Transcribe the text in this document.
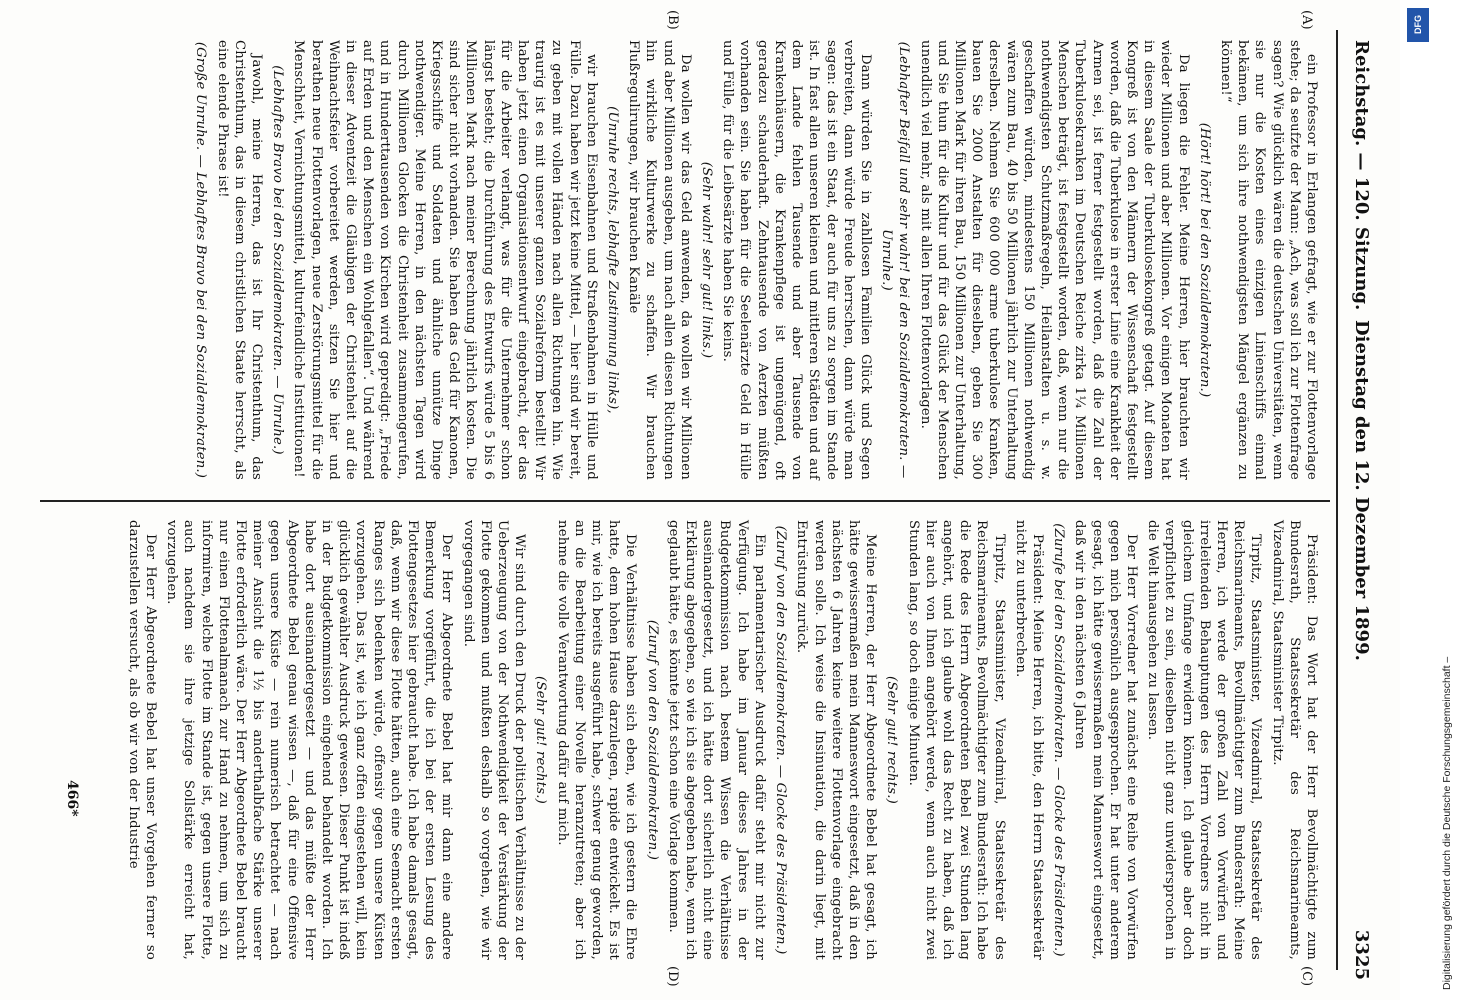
Reichstag. — 120. Sitzung.
Dienstag den 12. Dezember 1899.
3325
(A)
(B)
(C)
(D)

ein Professor in Erlangen gefragt, wie er zur Flottenvorlage stehe; da seufzte der Mann: „Ach, was soll ich zur Flottenfrage sagen? Wie glücklich wären die deutschen Universitäten, wenn sie nur die Kosten eines einzigen Linienschiffs einmal bekämen, um sich ihre nothwendigsten Mängel ergänzen zu können!“

(Hört! hört! bei den Sozialdemokraten.)

Da liegen die Fehler. Meine Herren, hier brauchten wir wieder Millionen und aber Millionen. Vor einigen Monaten hat in diesem Saale der Tuberkulosekongreß getagt. Auf diesem Kongreß ist von den Männern der Wissenschaft festgestellt worden, daß die Tuberkulose in erster Linie eine Krankheit der Armen sei, ist ferner festgestellt worden, daß die Zahl der Tuberkulosekranken im Deutschen Reiche zirka 1¼ Millionen Menschen beträgt, ist festgestellt worden, daß, wenn nur die nothwendigsten Schutzmaßregeln, Heilanstalten u. s. w. geschaffen würden, mindestens 150 Millionen nothwendig wären zum Bau, 40 bis 50 Millionen jährlich zur Unterhaltung derselben. Nehmen Sie 600 000 arme tuberkulose Kranken, bauen Sie 2000 Anstalten für dieselben, geben Sie 300 Millionen Mark für ihren Bau, 150 Millionen zur Unterhaltung, und Sie thun für die Kultur und für das Glück der Menschen unendlich viel mehr, als mit allen Ihren Flottenvorlagen.

(Lebhafter Beifall und sehr wahr! bei den Sozialdemokraten. — Unruhe.)

Dann würden Sie in zahllosen Familien Glück und Segen verbreiten, dann würde Freude herrschen, dann würde man sagen: das ist ein Staat, der auch für uns zu sorgen im Stande ist. In fast allen unseren kleinen und mittleren Städten und auf dem Lande fehlen Tausende und aber Tausende von Krankenhäusern, die Krankenpflege ist ungenügend, oft geradezu schauderhaft. Zehntausende von Aerzten müßten vorhanden sein. Sie haben für die Seelenärzte Geld in Hülle und Fülle, für die Leibesärzte haben Sie keins.

(Sehr wahr! sehr gut! links.)

Da wollen wir das Geld anwenden, da wollen wir Millionen und aber Millionen ausgeben, um nach allen diesen Richtungen hin wirkliche Kulturwerke zu schaffen. Wir brauchen Flußregulirungen, wir brauchen Kanäle

(Unruhe rechts, lebhafte Zustimmung links),

wir brauchen Eisenbahnen und Straßenbahnen in Hülle und Fülle. Dazu haben wir jetzt keine Mittel, — hier sind wir bereit, zu geben mit vollen Händen nach allen Richtungen hin. Wie traurig ist es mit unserer ganzen Sozialreform bestellt! Wir haben jetzt einen Organisationsentwurf eingebracht, der das für die Arbeiter verlangt, was für die Unternehmer schon längst besteht; die Durchführung des Entwurfs würde 5 bis 6 Millionen Mark nach meiner Berechnung jährlich kosten. Die sind sicher nicht vorhanden. Sie haben das Geld für Kanonen, Kriegsschiffe und Soldaten und ähnliche unnütze Dinge nothwendiger. Meine Herren, in den nächsten Tagen wird durch Millionen Glocken die Christenheit zusammengerufen, und in Hunderttausenden von Kirchen wird gepredigt: „Friede auf Erden und den Menschen ein Wohlgefallen“. Und während in dieser Adventzeit die Gläubigen der Christenheit auf die Weihnachtsfeier vorbereitet werden, sitzen Sie hier und berathen neue Flottenvorlagen, neue Zerstörungsmittel für die Menschheit, Vernichtungsmittel, kulturfeindliche Institutionen!

(Lebhaftes Bravo bei den Sozialdemokraten. — Unruhe.)

Jawohl, meine Herren, das ist Ihr Christenthum, das Christenthum, das in diesem christlichen Staate herrscht, als eine elende Phrase ist!

(Große Unruhe. — Lebhaftes Bravo bei den Sozialdemokraten.)

Präsident: Das Wort hat der Herr Bevollmächtigte zum Bundesrath, Staatssekretär des Reichsmarineamts, Vizeadmiral, Staatsminister Tirpitz.

Tirpitz, Staatsminister, Vizeadmiral, Staatssekretär des Reichsmarineamts, Bevollmächtigter zum Bundesrath: Meine Herren, ich werde der großen Zahl von Vorwürfen und irreleitenden Behauptungen des Herrn Vorredners nicht in gleichem Umfange erwidern können. Ich glaube aber doch verpflichtet zu sein, dieselben nicht ganz unwidersprochen in die Welt hinausgehen zu lassen.

Der Herr Vorredner hat zunächst eine Reihe von Vorwürfen gegen mich persönlich ausgesprochen. Er hat unter anderem gesagt, ich hätte gewissermaßen mein Manneswort eingesetzt, daß wir in den nächsten 6 Jahren

(Zurufe bei den Sozialdemokraten. — Glocke des Präsidenten.)

Präsident: Meine Herren, ich bitte, den Herrn Staatssekretär nicht zu unterbrechen.

Tirpitz, Staatsminister, Vizeadmiral, Staatssekretär des Reichsmarineamts, Bevollmächtigter zum Bundesrath: Ich habe die Rede des Herrn Abgeordneten Bebel zwei Stunden lang angehört, und ich glaube wohl das Recht zu haben, daß ich hier auch von Ihnen angehört werde, wenn auch nicht zwei Stunden lang, so doch einige Minuten.

(Sehr gut! rechts.)

Meine Herren, der Herr Abgeordnete Bebel hat gesagt, ich hätte gewissermaßen mein Manneswort eingesetzt, daß in den nächsten 6 Jahren keine weitere Flottenvorlage eingebracht werden solle. Ich weise die Insinuation, die darin liegt, mit Entrüstung zurück.

(Zuruf von den Sozialdemokraten. — Glocke des Präsidenten.)

Ein parlamentarischer Ausdruck dafür steht mir nicht zur Verfügung. Ich habe im Januar dieses Jahres in der Budgetkommission nach bestem Wissen die Verhältnisse auseinandergesetzt, und ich hätte dort sicherlich nicht eine Erklärung abgegeben, so wie ich sie abgegeben habe, wenn ich geglaubt hätte, es könnte jetzt schon eine Vorlage kommen.

(Zuruf von den Sozialdemokraten.)

Die Verhältnisse haben sich eben, wie ich gestern die Ehre hatte, dem hohen Hause darzulegen, rapide entwickelt. Es ist mir, wie ich bereits ausgeführt habe, schwer genug geworden, an die Bearbeitung einer Novelle heranzutreten; aber ich nehme die volle Verantwortung dafür auf mich.

(Sehr gut! rechts.)

Wir sind durch den Druck der politischen Verhältnisse zu der Ueberzeugung von der Nothwendigkeit der Verstärkung der Flotte gekommen und mußten deshalb so vorgehen, wie wir vorgegangen sind.

Der Herr Abgeordnete Bebel hat mir dann eine andere Bemerkung vorgeführt, die ich bei der ersten Lesung des Flottengesetzes hier gebraucht habe. Ich habe damals gesagt, daß, wenn wir diese Flotte hätten, auch eine Seemacht ersten Ranges sich bedenken würde, offensiv gegen unsere Küsten vorzugehen. Das ist, wie ich ganz offen eingestehen will, kein glücklich gewählter Ausdruck gewesen. Dieser Punkt ist indeß in der Budgetkommission eingehend behandelt worden. Ich habe dort auseinandergesetzt — und das müßte der Herr Abgeordnete Bebel genau wissen —, daß für eine Offensive gegen unsere Küste — rein numerisch betrachtet — nach meiner Ansicht die 1½ bis anderthalbfache Stärke unserer Flotte erforderlich wäre. Der Herr Abgeordnete Bebel braucht nur einen Flottenalmanach zur Hand zu nehmen, um sich zu informiren, welche Flotte im Stande ist, gegen unsere Flotte, auch nachdem sie ihre jetzige Sollstärke erreicht hat, vorzugehen.

Der Herr Abgeordnete Bebel hat unser Vorgehen ferner so darzustellen versucht, als ob wir von der Industrie

466*
DFG
Digitalisierung gefördert durch die Deutsche Forschungsgemeinschaft –
